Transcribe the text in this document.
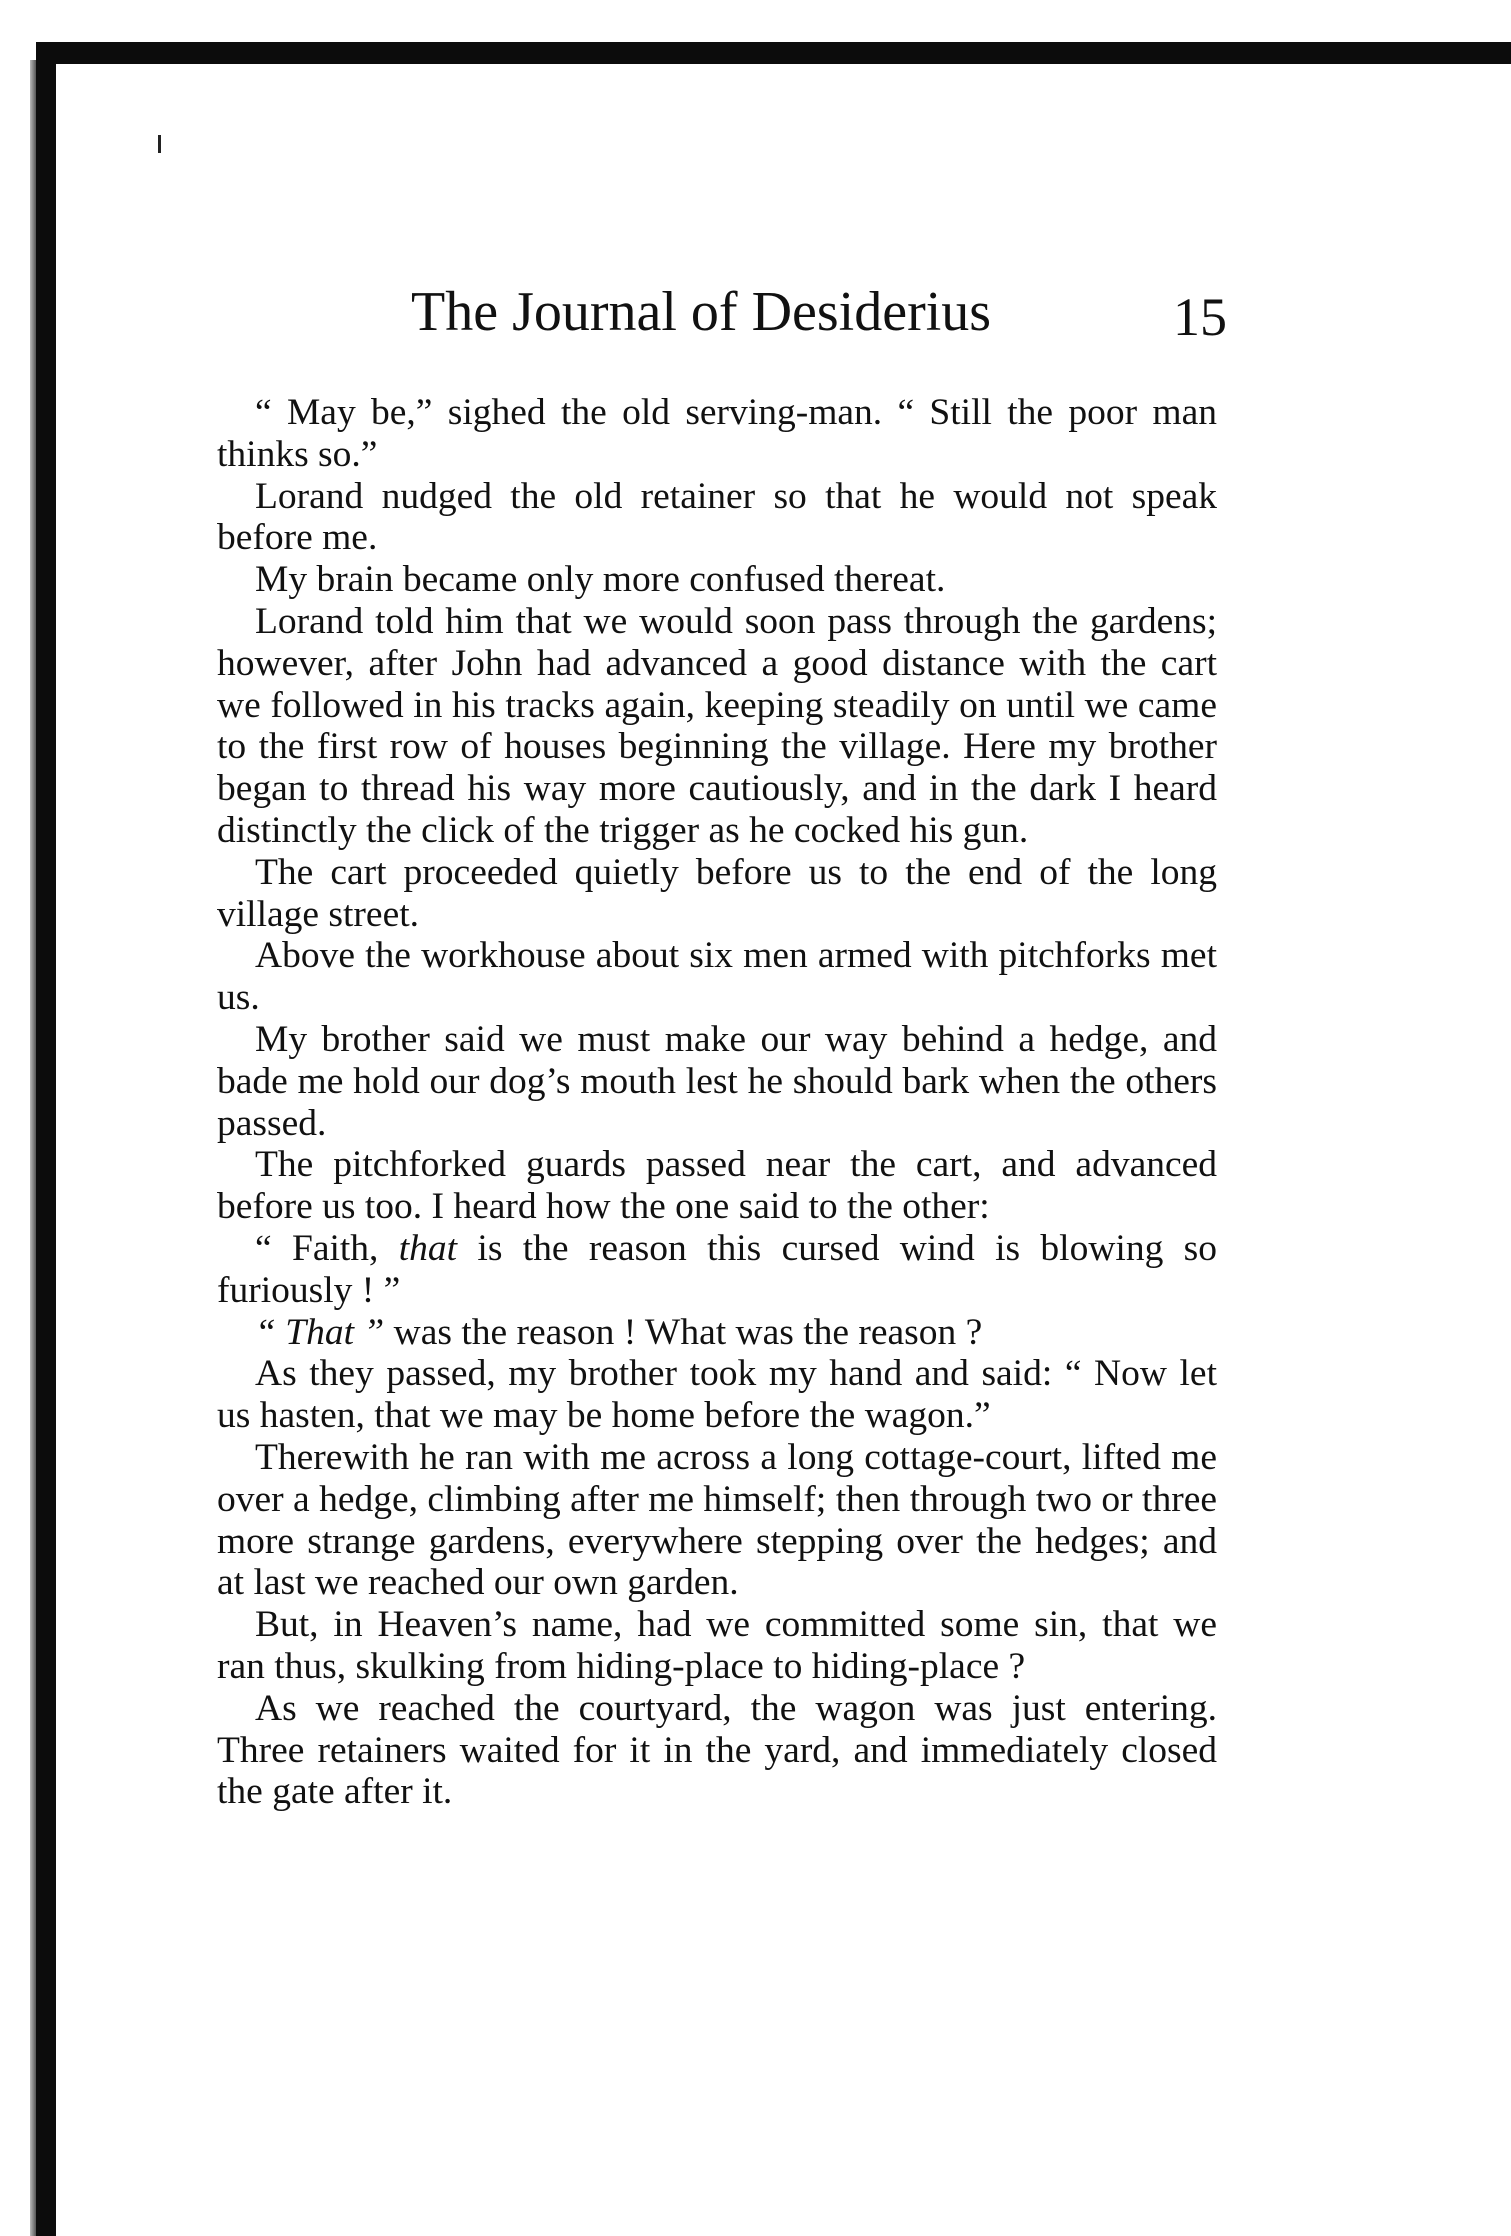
The Journal of Desiderius	15

“ May be,” sighed the old serving-man. “ Still the poor man thinks so.”

Lorand nudged the old retainer so that he would not speak before me.

My brain became only more confused thereat.

Lorand told him that we would soon pass through the gardens; however, after John had advanced a good distance with the cart we followed in his tracks again, keeping steadily on until we came to the first row of houses beginning the village. Here my brother began to thread his way more cautiously, and in the dark I heard distinctly the click of the trigger as he cocked his gun.

The cart proceeded quietly before us to the end of the long village street.

Above the workhouse about six men armed with pitchforks met us.

My brother said we must make our way behind a hedge, and bade me hold our dog’s mouth lest he should bark when the others passed.

The pitchforked guards passed near the cart, and advanced before us too. I heard how the one said to the other:

“ Faith, that is the reason this cursed wind is blowing so furiously ! ”

“ That ” was the reason ! What was the reason ?

As they passed, my brother took my hand and said: “ Now let us hasten, that we may be home before the wagon.”

Therewith he ran with me across a long cottage-court, lifted me over a hedge, climbing after me himself; then through two or three more strange gardens, everywhere stepping over the hedges; and at last we reached our own garden.

But, in Heaven’s name, had we committed some sin, that we ran thus, skulking from hiding-place to hiding-place ?

As we reached the courtyard, the wagon was just entering. Three retainers waited for it in the yard, and immediately closed the gate after it.
